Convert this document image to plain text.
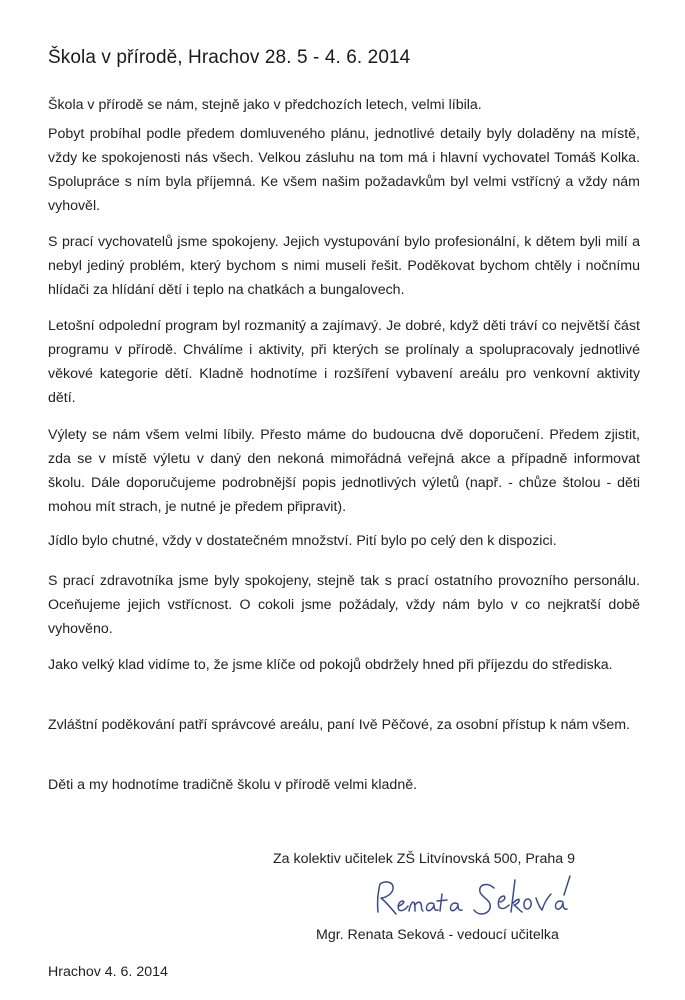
Škola v přírodě, Hrachov 28. 5 - 4. 6. 2014

Škola v přírodě se nám, stejně jako v předchozích letech, velmi líbila.

Pobyt probíhal podle předem domluveného plánu, jednotlivé detaily byly doladěny na místě, vždy ke spokojenosti nás všech. Velkou zásluhu na tom má i hlavní vychovatel Tomáš Kolka. Spolupráce s ním byla příjemná. Ke všem našim požadavkům byl velmi vstřícný a vždy nám vyhověl.

S prací vychovatelů jsme spokojeny. Jejich vystupování bylo profesionální, k dětem byli milí a nebyl jediný problém, který bychom s nimi museli řešit. Poděkovat bychom chtěly i nočnímu hlídači za hlídání dětí i teplo na chatkách a bungalovech.

Letošní odpolední program byl rozmanitý a zajímavý. Je dobré, když děti tráví co největší část programu v přírodě. Chválíme i aktivity, při kterých se prolínaly a spolupracovaly jednotlivé věkové kategorie dětí. Kladně hodnotíme i rozšíření vybavení areálu pro venkovní aktivity dětí.

Výlety se nám všem velmi líbily. Přesto máme do budoucna dvě doporučení. Předem zjistit, zda se v místě výletu v daný den nekoná mimořádná veřejná akce a případně informovat školu. Dále doporučujeme podrobnější popis jednotlivých výletů (např. - chůze štolou - děti mohou mít strach, je nutné je předem připravit).

Jídlo bylo chutné, vždy v dostatečném množství. Pití bylo po celý den k dispozici.

S prací zdravotníka jsme byly spokojeny, stejně tak s prací ostatního provozního personálu. Oceňujeme jejich vstřícnost. O cokoli jsme požádaly, vždy nám bylo v co nejkratší době vyhověno.

Jako velký klad vidíme to, že jsme klíče od pokojů obdržely hned při příjezdu do střediska.

Zvláštní poděkování patří správcové areálu, paní Ivě Pěčové, za osobní přístup k nám všem.

Děti a my hodnotíme tradičně školu v přírodě velmi kladně.

Za kolektiv učitelek ZŠ Litvínovská 500, Praha 9

Mgr. Renata Seková - vedoucí učitelka

Hrachov 4. 6. 2014
